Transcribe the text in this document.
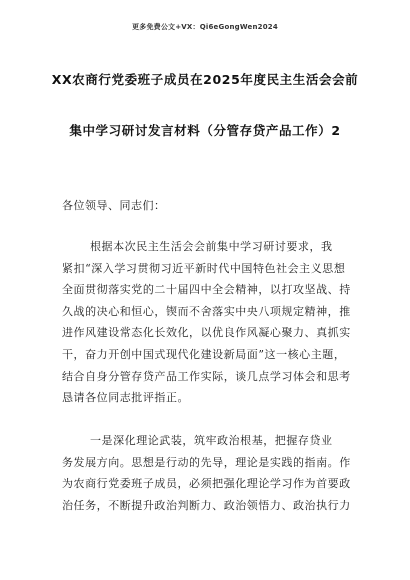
更多免费公文+VX：Qi6eGongWen2024
XX农商行党委班子成员在2025年度民主生活会会前
集中学习研讨发言材料（分管存贷产品工作）2
各位领导、同志们：
根据本次民主生活会会前集中学习研讨要求，我
紧扣“深入学习贯彻习近平新时代中国特色社会主义思想
全面贯彻落实党的二十届四中全会精神，以打攻坚战、持
久战的决心和恒心，锲而不舍落实中央八项规定精神，推
进作风建设常态化长效化，以优良作风凝心聚力、真抓实
干，奋力开创中国式现代化建设新局面”这一核心主题，
结合自身分管存贷产品工作实际，谈几点学习体会和思考
恳请各位同志批评指正。
一是深化理论武装，筑牢政治根基，把握存贷业
务发展方向。思想是行动的先导，理论是实践的指南。作
为农商行党委班子成员，必须把强化理论学习作为首要政
治任务，不断提升政治判断力、政治领悟力、政治执行力
